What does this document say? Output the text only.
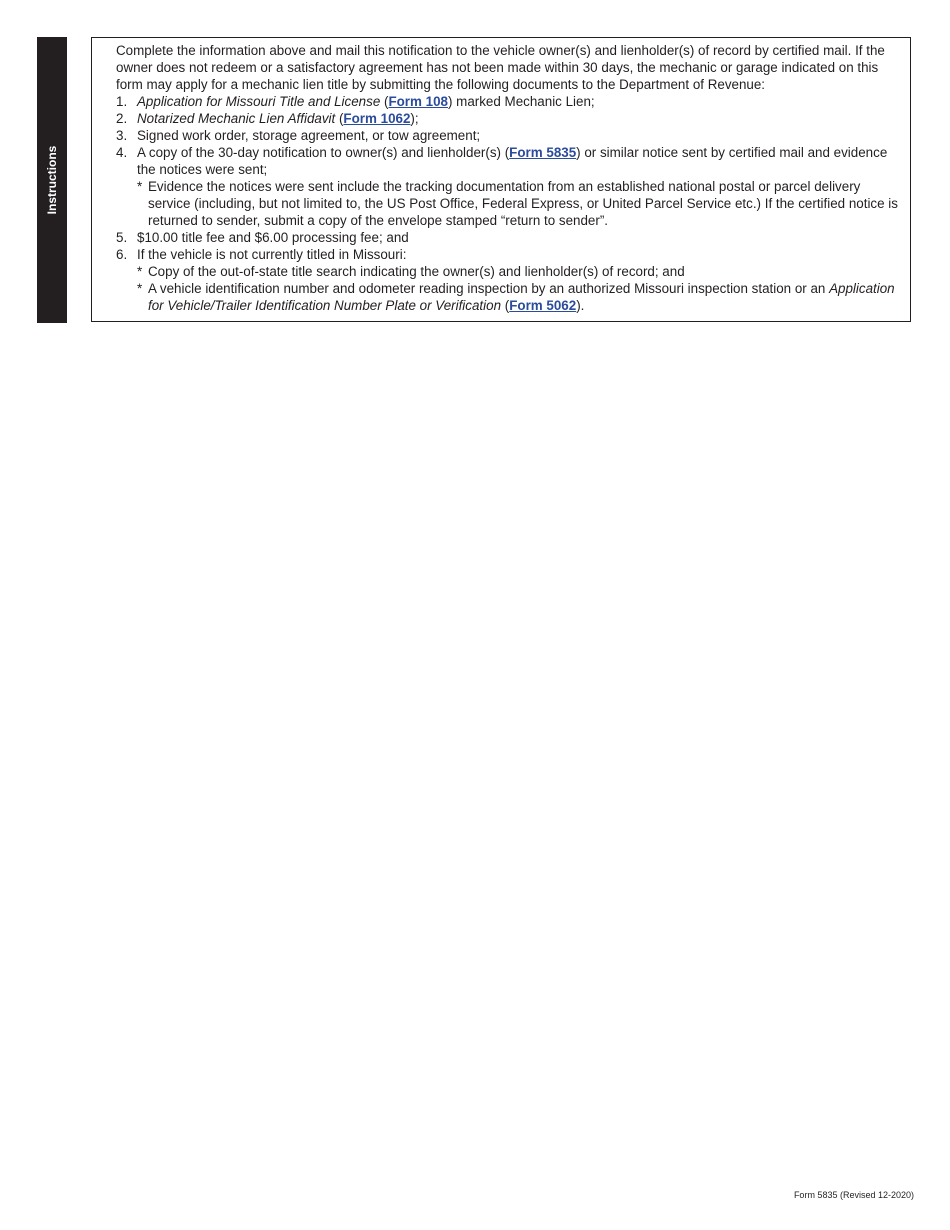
Instructions

Complete the information above and mail this notification to the vehicle owner(s) and lienholder(s) of record by certified mail. If the owner does not redeem or a satisfactory agreement has not been made within 30 days, the mechanic or garage indicated on this form may apply for a mechanic lien title by submitting the following documents to the Department of Revenue:

1. Application for Missouri Title and License (Form 108) marked Mechanic Lien;
2. Notarized Mechanic Lien Affidavit (Form 1062);
3. Signed work order, storage agreement, or tow agreement;
4. A copy of the 30-day notification to owner(s) and lienholder(s) (Form 5835) or similar notice sent by certified mail and evidence the notices were sent;
* Evidence the notices were sent include the tracking documentation from an established national postal or parcel delivery service (including, but not limited to, the US Post Office, Federal Express, or United Parcel Service etc.) If the certified notice is returned to sender, submit a copy of the envelope stamped “return to sender”.
5. $10.00 title fee and $6.00 processing fee; and
6. If the vehicle is not currently titled in Missouri:
* Copy of the out-of-state title search indicating the owner(s) and lienholder(s) of record; and
* A vehicle identification number and odometer reading inspection by an authorized Missouri inspection station or an Application for Vehicle/Trailer Identification Number Plate or Verification (Form 5062).
Form 5835 (Revised 12-2020)
